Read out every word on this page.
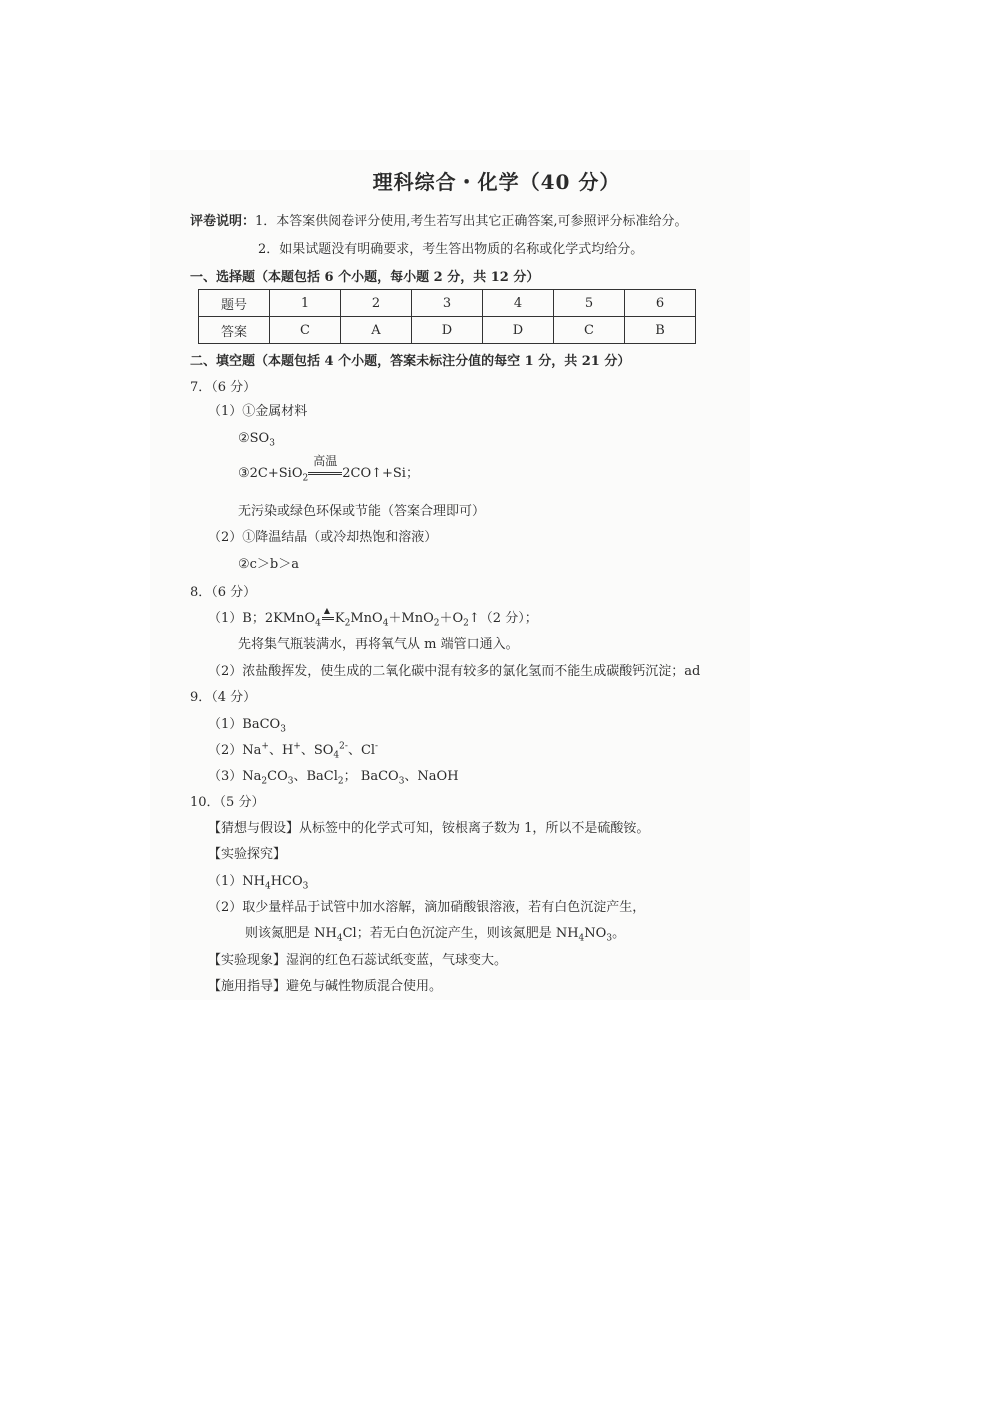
理科综合・化学（40 分）
评卷说明：1．本答案供阅卷评分使用,考生若写出其它正确答案,可参照评分标准给分。
2．如果试题没有明确要求，考生答出物质的名称或化学式均给分。
一、选择题（本题包括 6 个小题，每小题 2 分，共 12 分）
题号	1	2	3	4	5	6
答案	C	A	D	D	C	B
二、填空题（本题包括 4 个小题，答案未标注分值的每空 1 分，共 21 分）
7．（6 分）
（1）①金属材料
$②SO_3$
③2C+SiO$_2$
高温
2CO↑+Si；
无污染或绿色环保或节能（答案合理即可）
（2）①降温结晶（或冷却热饱和溶液）
②c＞b＞a
8．（6 分）
（1）B；2KMnO$_4$
▲
$K_2MnO_4+MnO_2+O_2↑(2$ 分）；
先将集气瓶装满水，再将氧气从 m 端管口通入。
（2）浓盐酸挥发，使生成的二氧化碳中混有较多的氯化氢而不能生成碳酸钙沉淀；ad
9．（4 分）
（1）BaCO$_3$
（2）Na+、H+、$SO_4^{2-}$、Cl-
$(3)Na_2CO_3$、BaCl$_2$； BaCO$_3$、NaOH
10．（5 分）
【猜想与假设】从标签中的化学式可知，铵根离子数为 1，所以不是硫酸铵。
【实验探究】
$(1)NH_4HCO_3$
（2）取少量样品于试管中加水溶解，滴加硝酸银溶液，若有白色沉淀产生，
则该氮肥是 $NH_4Cl$；若无白色沉淀产生，则该氮肥是 $NH_4NO_3$。
【实验现象】湿润的红色石蕊试纸变蓝，气球变大。
【施用指导】避免与碱性物质混合使用。
